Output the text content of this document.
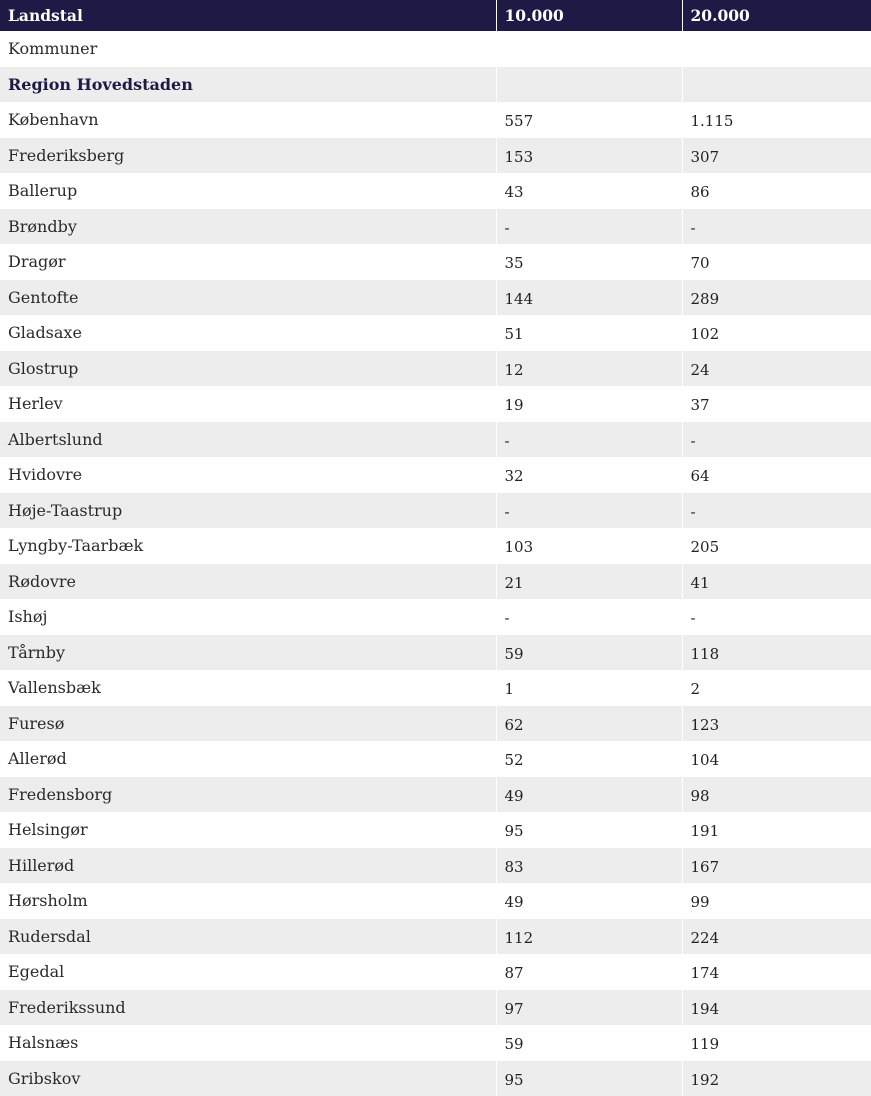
Landstal	10.000	20.000
Kommuner		
Region Hovedstaden		
København	557	1.115
Frederiksberg	153	307
Ballerup	43	86
Brøndby	-	-
Dragør	35	70
Gentofte	144	289
Gladsaxe	51	102
Glostrup	12	24
Herlev	19	37
Albertslund	-	-
Hvidovre	32	64
Høje-Taastrup	-	-
Lyngby-Taarbæk	103	205
Rødovre	21	41
Ishøj	-	-
Tårnby	59	118
Vallensbæk	1	2
Furesø	62	123
Allerød	52	104
Fredensborg	49	98
Helsingør	95	191
Hillerød	83	167
Hørsholm	49	99
Rudersdal	112	224
Egedal	87	174
Frederikssund	97	194
Halsnæs	59	119
Gribskov	95	192
